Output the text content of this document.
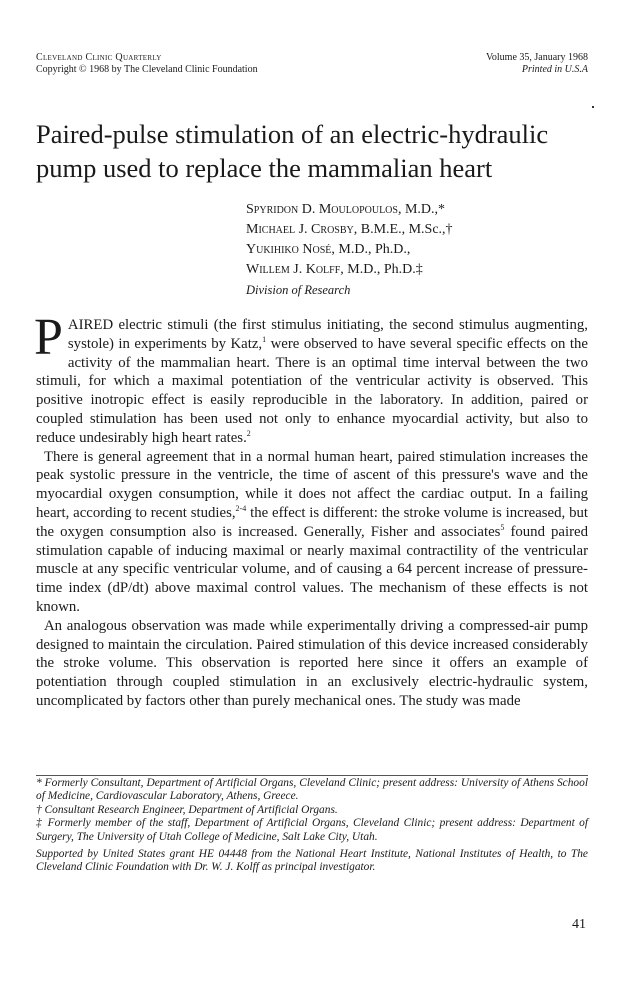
Cleveland Clinic Quarterly
Copyright © 1968 by The Cleveland Clinic Foundation
Volume 35, January 1968
Printed in U.S.A
Paired-pulse stimulation of an electric-hydraulic pump used to replace the mammalian heart
Spyridon D. Moulopoulos, M.D.,*
Michael J. Crosby, B.M.E., M.Sc.,†
Yukihiko Nosé, M.D., Ph.D.,
Willem J. Kolff, M.D., Ph.D.‡
Division of Research

PAIRED electric stimuli (the first stimulus initiating, the second stimulus augmenting, systole) in experiments by Katz,$^1$ were observed to have several specific effects on the activity of the mammalian heart. There is an optimal time interval between the two stimuli, for which a maximal potentiation of the ventricular activity is observed. This positive inotropic effect is easily reproducible in the laboratory. In addition, paired or coupled stimulation has been used not only to enhance myocardial activity, but also to reduce undesirably high heart rates.$^2$

There is general agreement that in a normal human heart, paired stimulation increases the peak systolic pressure in the ventricle, the time of ascent of this pressure's wave and the myocardial oxygen consumption, while it does not affect the cardiac output. In a failing heart, according to recent studies,$^{2-4}$ the effect is different: the stroke volume is increased, but the oxygen consumption also is increased. Generally, Fisher and associates$^5$ found paired stimulation capable of inducing maximal or nearly maximal contractility of the ventricular muscle at any specific ventricular volume, and of causing a 64 percent increase of pressure-time index (dP/dt) above maximal control values. The mechanism of these effects is not known.

An analogous observation was made while experimentally driving a compressed-air pump designed to maintain the circulation. Paired stimulation of this device increased considerably the stroke volume. This observation is reported here since it offers an example of potentiation through coupled stimulation in an exclusively electric-hydraulic system, uncomplicated by factors other than purely mechanical ones. The study was made

* Formerly Consultant, Department of Artificial Organs, Cleveland Clinic; present address: University of Athens School of Medicine, Cardiovascular Laboratory, Athens, Greece.

† Consultant Research Engineer, Department of Artificial Organs.

‡ Formerly member of the staff, Department of Artificial Organs, Cleveland Clinic; present address: Department of Surgery, The University of Utah College of Medicine, Salt Lake City, Utah.

Supported by United States grant HE 04448 from the National Heart Institute, National Institutes of Health, to The Cleveland Clinic Foundation with Dr. W. J. Kolff as principal investigator.

41
